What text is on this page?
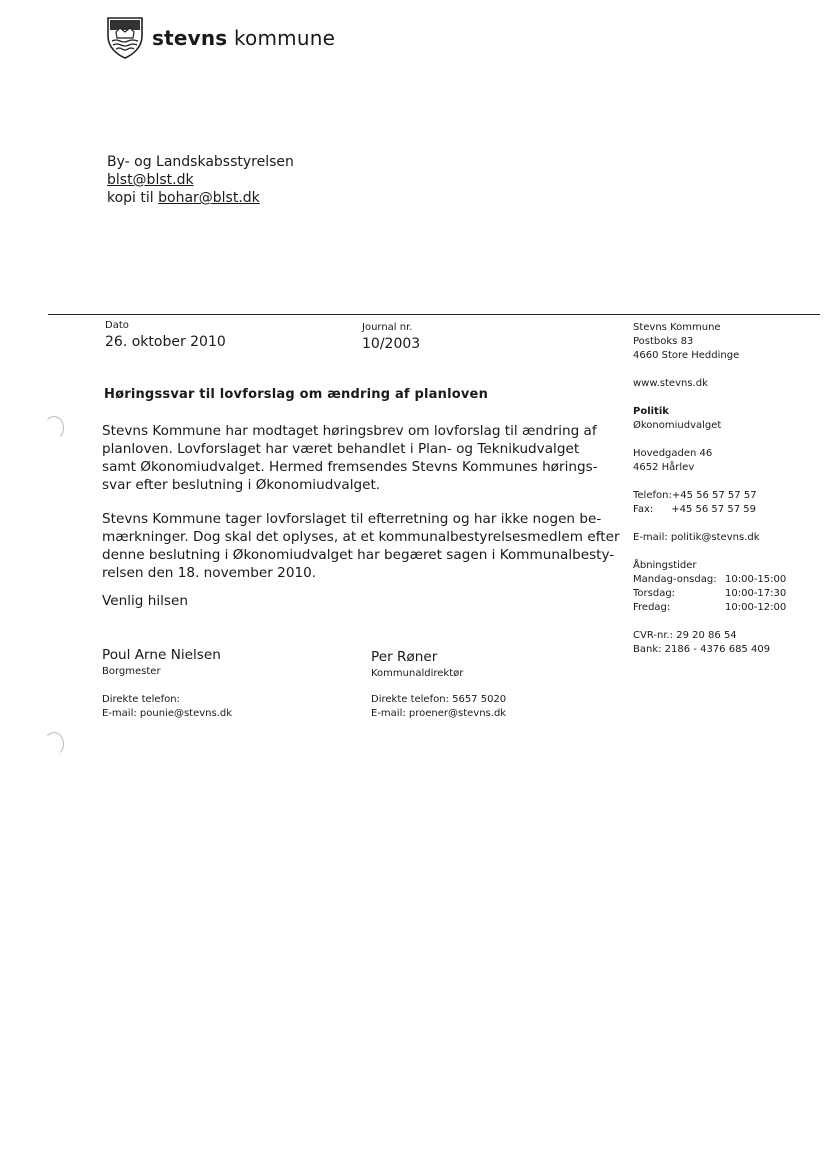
stevns kommune
By- og Landskabsstyrelsen
blst@blst.dk
kopi til bohar@blst.dk
Dato
26. oktober 2010
Journal nr.
10/2003
Høringssvar til lovforslag om ændring af planloven
Stevns Kommune har modtaget høringsbrev om lovforslag til ændring af
planloven. Lovforslaget har været behandlet i Plan- og Teknikudvalget
samt Økonomiudvalget. Hermed fremsendes Stevns Kommunes hørings-
svar efter beslutning i Økonomiudvalget.
Stevns Kommune tager lovforslaget til efterretning og har ikke nogen be-
mærkninger. Dog skal det oplyses, at et kommunalbestyrelsesmedlem efter
denne beslutning i Økonomiudvalget har begæret sagen i Kommunalbesty-
relsen den 18. november 2010.
Venlig hilsen
Poul Arne Nielsen
Borgmester
Direkte telefon:
E-mail: pounie@stevns.dk
Per Røner
Kommunaldirektør
Direkte telefon: 5657 5020
E-mail: proener@stevns.dk
Stevns Kommune
Postboks 83
4660 Store Heddinge
www.stevns.dk
Politik
Økonomiudvalget
Hovedgaden 46
4652 Hårlev
Telefon:+45 56 57 57 57
Fax: +45 56 57 57 59
E-mail: politik@stevns.dk
Åbningstider
Mandag-onsdag:	10:00-15:00
Torsdag:	10:00-17:30
Fredag:	10:00-12:00
CVR-nr.: 29 20 86 54
Bank: 2186 - 4376 685 409
